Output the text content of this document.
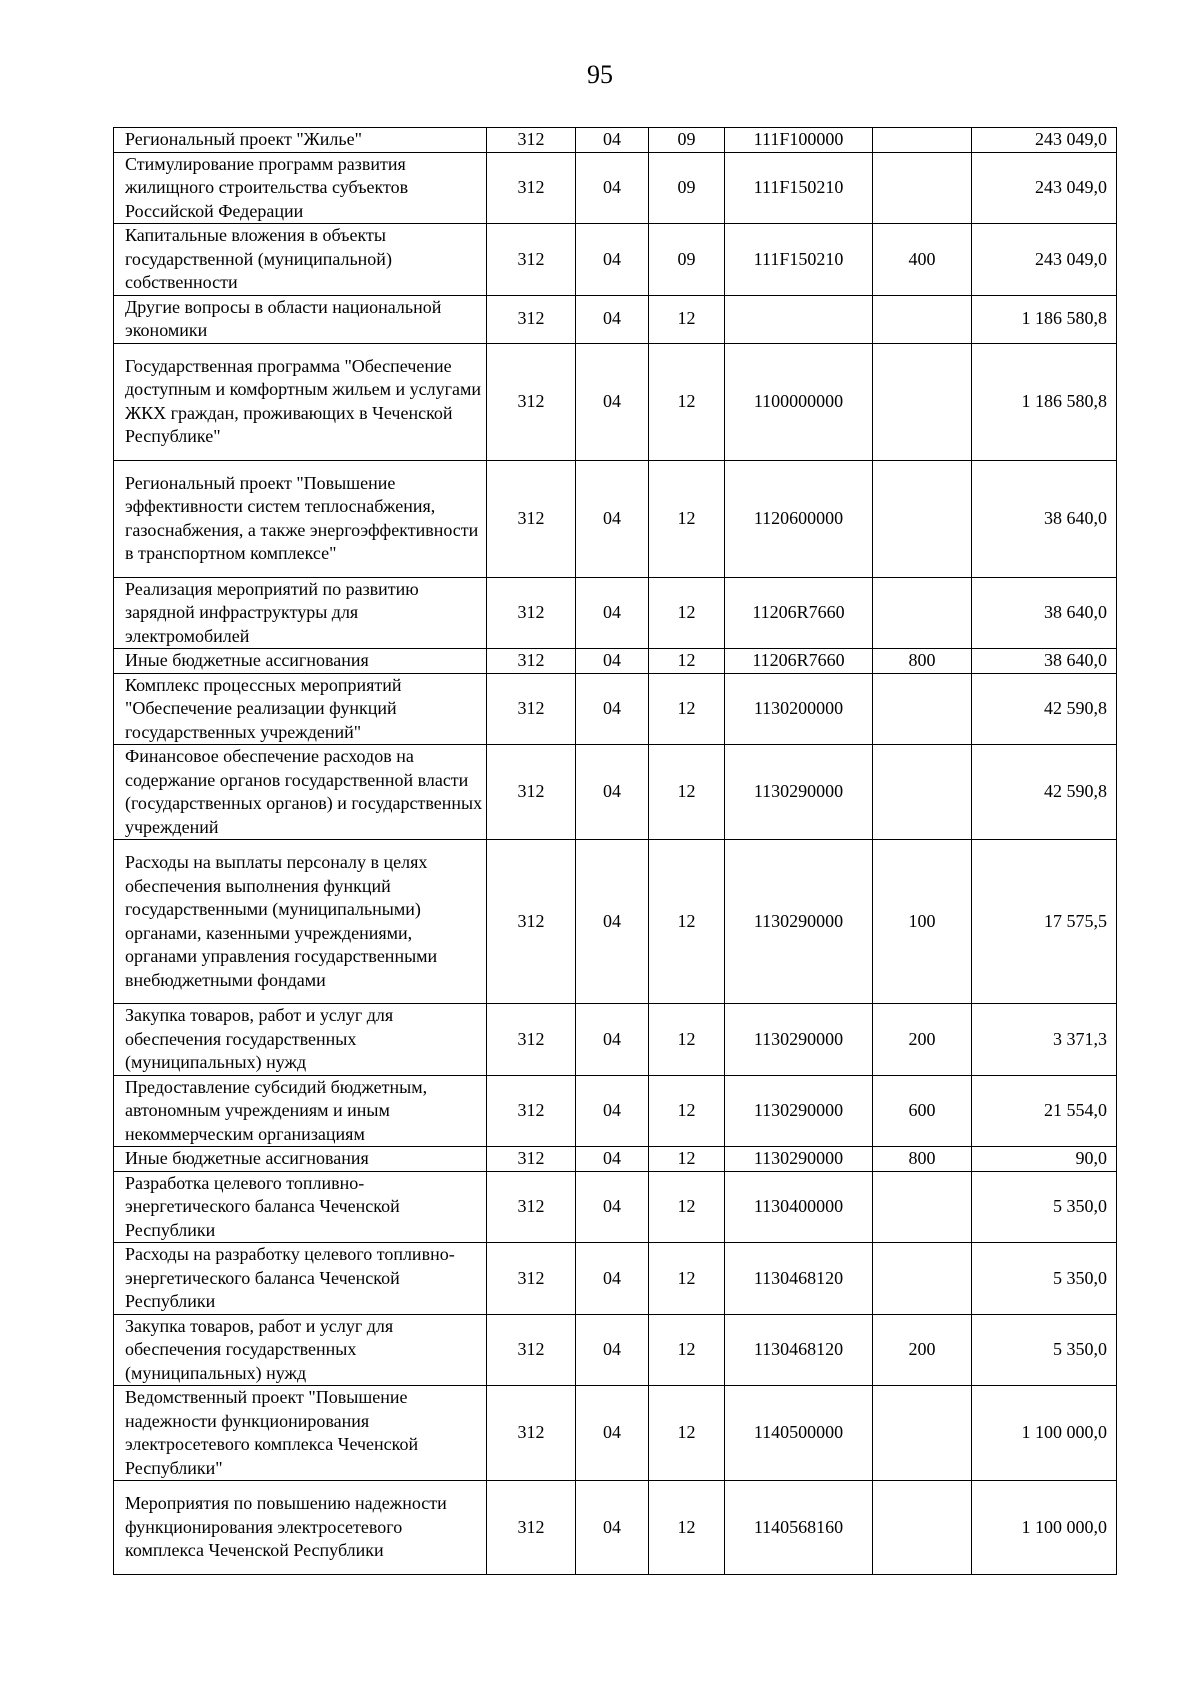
95
Региональный проект "Жилье"	312	04	09	111F100000		243 049,0
Стимулирование программ развития жилищного строительства субъектов Российской Федерации	312	04	09	111F150210		243 049,0
Капитальные вложения в объекты государственной (муниципальной) собственности	312	04	09	111F150210	400	243 049,0
Другие вопросы в области национальной экономики	312	04	12			1 186 580,8
Государственная программа "Обеспечение доступным и комфортным жильем и услугами ЖКХ граждан, проживающих в Чеченской Республике"	312	04	12	1100000000		1 186 580,8
Региональный проект "Повышение эффективности систем теплоснабжения, газоснабжения, а также энергоэффективности в транспортном комплексе"	312	04	12	1120600000		38 640,0
Реализация мероприятий по развитию зарядной инфраструктуры для электромобилей	312	04	12	11206R7660		38 640,0
Иные бюджетные ассигнования	312	04	12	11206R7660	800	38 640,0
Комплекс процессных мероприятий "Обеспечение реализации функций государственных учреждений"	312	04	12	1130200000		42 590,8
Финансовое обеспечение расходов на содержание органов государственной власти (государственных органов) и государственных учреждений	312	04	12	1130290000		42 590,8
Расходы на выплаты персоналу в целях обеспечения выполнения функций государственными (муниципальными) органами, казенными учреждениями, органами управления государственными внебюджетными фондами	312	04	12	1130290000	100	17 575,5
Закупка товаров, работ и услуг для обеспечения государственных (муниципальных) нужд	312	04	12	1130290000	200	3 371,3
Предоставление субсидий бюджетным, автономным учреждениям и иным некоммерческим организациям	312	04	12	1130290000	600	21 554,0
Иные бюджетные ассигнования	312	04	12	1130290000	800	90,0
Разработка целевого топливно-энергетического баланса Чеченской Республики	312	04	12	1130400000		5 350,0
Расходы на разработку целевого топливно-энергетического баланса Чеченской Республики	312	04	12	1130468120		5 350,0
Закупка товаров, работ и услуг для обеспечения государственных (муниципальных) нужд	312	04	12	1130468120	200	5 350,0
Ведомственный проект "Повышение надежности функционирования электросетевого комплекса Чеченской Республики"	312	04	12	1140500000		1 100 000,0
Мероприятия по повышению надежности функционирования электросетевого комплекса Чеченской Республики	312	04	12	1140568160		1 100 000,0
